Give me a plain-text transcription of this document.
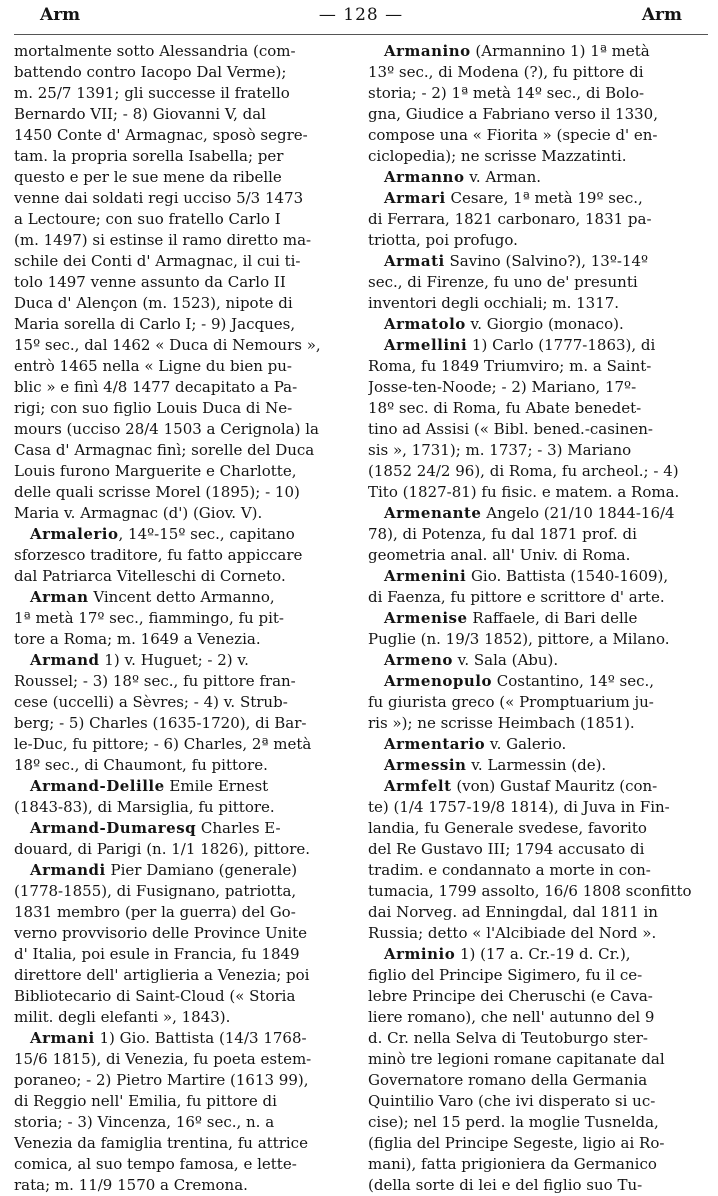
Arm	— 128 —	Arm
mortalmente sotto Alessandria (com-
battendo contro Iacopo Dal Verme);
m. 25/7 1391; gli successe il fratello
Bernardo VII; - 8) Giovanni V, dal
1450 Conte d' Armagnac, sposò segre-
tam. la propria sorella Isabella; per
questo e per le sue mene da ribelle
venne dai soldati regi ucciso 5/3 1473
a Lectoure; con suo fratello Carlo I
(m. 1497) si estinse il ramo diretto ma-
schile dei Conti d' Armagnac, il cui ti-
tolo 1497 venne assunto da Carlo II
Duca d' Alençon (m. 1523), nipote di
Maria sorella di Carlo I; - 9) Jacques,
15º sec., dal 1462 « Duca di Nemours »,
entrò 1465 nella « Ligne du bien pu-
blic » e finì 4/8 1477 decapitato a Pa-
rigi; con suo figlio Louis Duca di Ne-
mours (ucciso 28/4 1503 a Cerignola) la
Casa d' Armagnac finì; sorelle del Duca
Louis furono Marguerite e Charlotte,
delle quali scrisse Morel (1895); - 10)
Maria v. Armagnac (d') (Giov. V).
Armalerio, 14º-15º sec., capitano
sforzesco traditore, fu fatto appiccare
dal Patriarca Vitelleschi di Corneto.
Arman Vincent detto Armanno,
1ª metà 17º sec., fiammingo, fu pit-
tore a Roma; m. 1649 a Venezia.
Armand 1) v. Huguet; - 2) v.
Roussel; - 3) 18º sec., fu pittore fran-
cese (uccelli) a Sèvres; - 4) v. Strub-
berg; - 5) Charles (1635-1720), di Bar-
le-Duc, fu pittore; - 6) Charles, 2ª metà
18º sec., di Chaumont, fu pittore.
Armand-Delille Emile Ernest
(1843-83), di Marsiglia, fu pittore.
Armand-Dumaresq Charles E-
douard, di Parigi (n. 1/1 1826), pittore.
Armandi Pier Damiano (generale)
(1778-1855), di Fusignano, patriotta,
1831 membro (per la guerra) del Go-
verno provvisorio delle Province Unite
d' Italia, poi esule in Francia, fu 1849
direttore dell' artiglieria a Venezia; poi
Bibliotecario di Saint-Cloud (« Storia
milit. degli elefanti », 1843).
Armani 1) Gio. Battista (14/3 1768-
15/6 1815), di Venezia, fu poeta estem-
poraneo; - 2) Pietro Martire (1613 99),
di Reggio nell' Emilia, fu pittore di
storia; - 3) Vincenza, 16º sec., n. a
Venezia da famiglia trentina, fu attrice
comica, al suo tempo famosa, e lette-
rata; m. 11/9 1570 a Cremona.
Armanino (Armannino 1) 1ª metà
13º sec., di Modena (?), fu pittore di
storia; - 2) 1ª metà 14º sec., di Bolo-
gna, Giudice a Fabriano verso il 1330,
compose una « Fiorita » (specie d' en-
ciclopedia); ne scrisse Mazzatinti.
Armanno v. Arman.
Armari Cesare, 1ª metà 19º sec.,
di Ferrara, 1821 carbonaro, 1831 pa-
triotta, poi profugo.
Armati Savino (Salvino?), 13º-14º
sec., di Firenze, fu uno de' presunti
inventori degli occhiali; m. 1317.
Armatolo v. Giorgio (monaco).
Armellini 1) Carlo (1777-1863), di
Roma, fu 1849 Triumviro; m. a Saint-
Josse-ten-Noode; - 2) Mariano, 17º-
18º sec. di Roma, fu Abate benedet-
tino ad Assisi (« Bibl. bened.-casinen-
sis », 1731); m. 1737; - 3) Mariano
(1852 24/2 96), di Roma, fu archeol.; - 4)
Tito (1827-81) fu fisic. e matem. a Roma.
Armenante Angelo (21/10 1844-16/4
78), di Potenza, fu dal 1871 prof. di
geometria anal. all' Univ. di Roma.
Armenini Gio. Battista (1540-1609),
di Faenza, fu pittore e scrittore d' arte.
Armenise Raffaele, di Bari delle
Puglie (n. 19/3 1852), pittore, a Milano.
Armeno v. Sala (Abu).
Armenopulo Costantino, 14º sec.,
fu giurista greco (« Promptuarium ju-
ris »); ne scrisse Heimbach (1851).
Armentario v. Galerio.
Armessin v. Larmessin (de).
Armfelt (von) Gustaf Mauritz (con-
te) (1/4 1757-19/8 1814), di Juva in Fin-
landia, fu Generale svedese, favorito
del Re Gustavo III; 1794 accusato di
tradim. e condannato a morte in con-
tumacia, 1799 assolto, 16/6 1808 sconfitto
dai Norveg. ad Enningdal, dal 1811 in
Russia; detto « l'Alcibiade del Nord ».
Arminio 1) (17 a. Cr.-19 d. Cr.),
figlio del Principe Sigimero, fu il ce-
lebre Principe dei Cheruschi (e Cava-
liere romano), che nell' autunno del 9
d. Cr. nella Selva di Teutoburgo ster-
minò tre legioni romane capitanate dal
Governatore romano della Germania
Quintilio Varo (che ivi disperato si uc-
cise); nel 15 perd. la moglie Tusnelda,
(figlia del Principe Segeste, ligio ai Ro-
mani), fatta prigioniera da Germanico
(della sorte di lei e del figlio suo Tu-
